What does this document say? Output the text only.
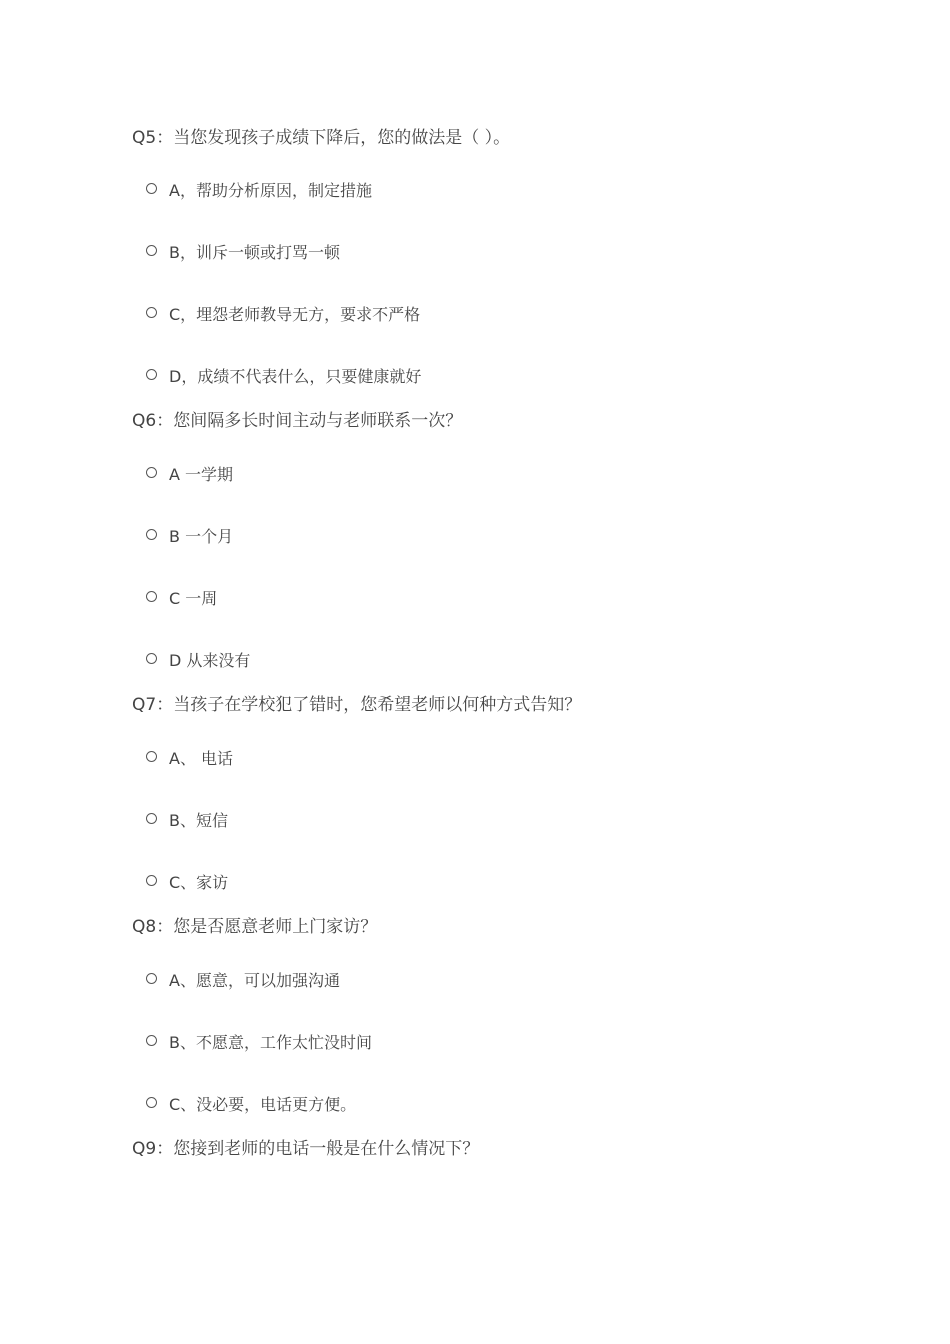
Q5：当您发现孩子成绩下降后，您的做法是（ ）。
A，帮助分析原因，制定措施
B，训斥一顿或打骂一顿
C，埋怨老师教导无方，要求不严格
D，成绩不代表什么，只要健康就好
Q6：您间隔多长时间主动与老师联系一次？
A 一学期
B 一个月
C 一周
D 从来没有
Q7：当孩子在学校犯了错时，您希望老师以何种方式告知？
A、 电话
B、短信
C、家访
Q8：您是否愿意老师上门家访？
A、愿意，可以加强沟通
B、不愿意，工作太忙没时间
C、没必要，电话更方便。
Q9：您接到老师的电话一般是在什么情况下？
